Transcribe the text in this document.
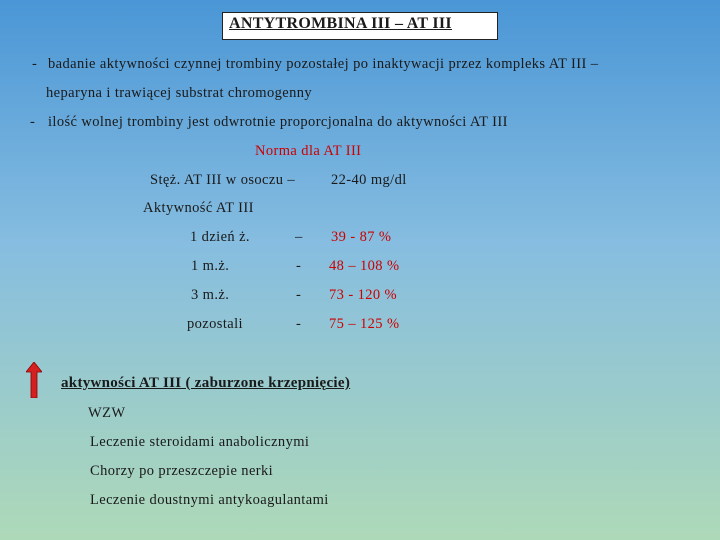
ANTYTROMBINA III – AT III
- badanie aktywności czynnej trombiny pozostałej po inaktywacji przez kompleks AT III –
heparyna i trawiącej substrat chromogenny
- ilość wolnej trombiny jest odwrotnie proporcjonalna do aktywności AT III
Norma dla AT III
Stęż. AT III w osoczu – 22-40 mg/dl
Aktywność AT III
1 dzień ż.	– 39 - 87 %
1 m.ż.	- 48 – 108 %
3 m.ż.	- 73 - 120 %
pozostali	- 75 – 125 %
aktywności AT III ( zaburzone krzepnięcie)
WZW
Leczenie steroidami anabolicznymi
Chorzy po przeszczepie nerki
Leczenie doustnymi antykoagulantami
